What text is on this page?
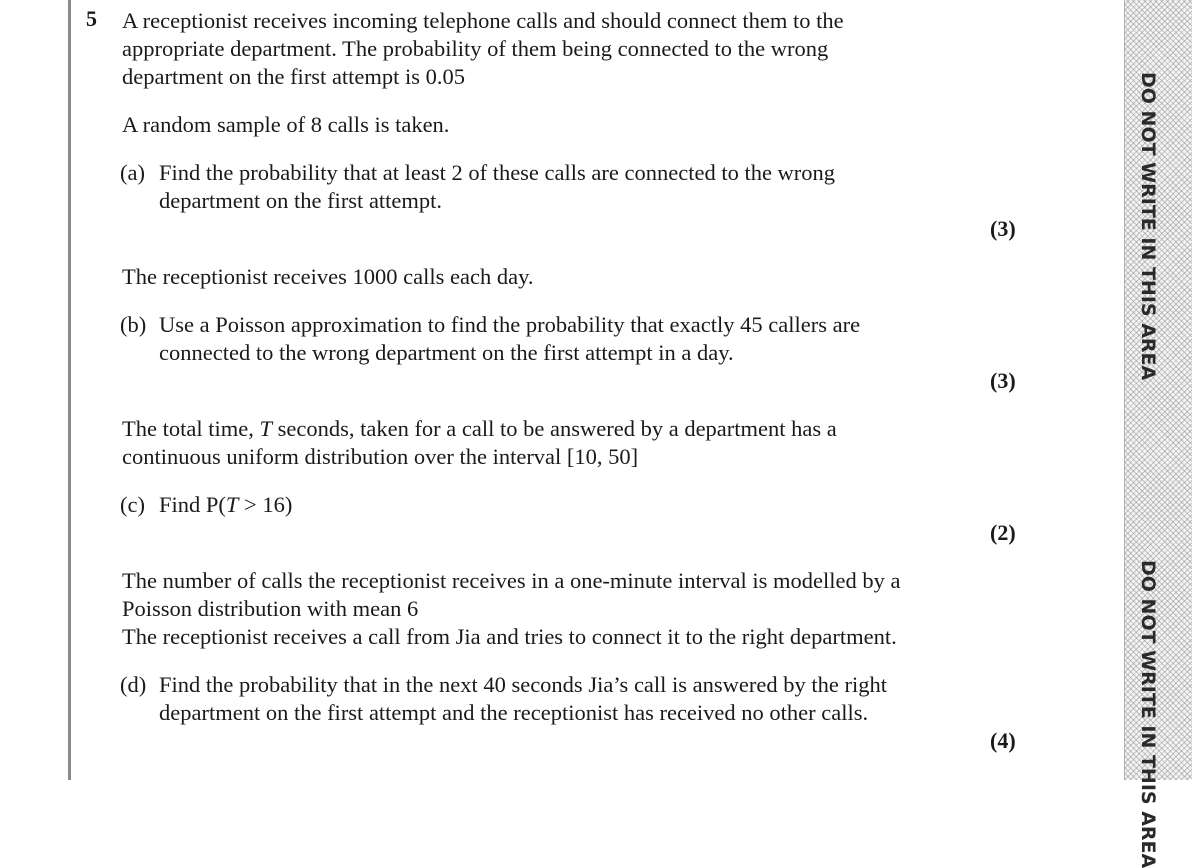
5 A receptionist receives incoming telephone calls and should connect them to the
appropriate department. The probability of them being connected to the wrong
department on the first attempt is 0.05
A random sample of 8 calls is taken.
(a) Find the probability that at least 2 of these calls are connected to the wrong
department on the first attempt.
(3)
The receptionist receives 1000 calls each day.
(b) Use a Poisson approximation to find the probability that exactly 45 callers are
connected to the wrong department on the first attempt in a day.
(3)
The total time, T seconds, taken for a call to be answered by a department has a
continuous uniform distribution over the interval [10, 50]
(c) Find P(T > 16)
(2)
The number of calls the receptionist receives in a one-minute interval is modelled by a
Poisson distribution with mean 6
The receptionist receives a call from Jia and tries to connect it to the right department.
(d) Find the probability that in the next 40 seconds Jia’s call is answered by the right
department on the first attempt and the receptionist has received no other calls.
(4)
DO NOT WRITE IN THIS AREA
DO NOT WRITE IN THIS AREA
